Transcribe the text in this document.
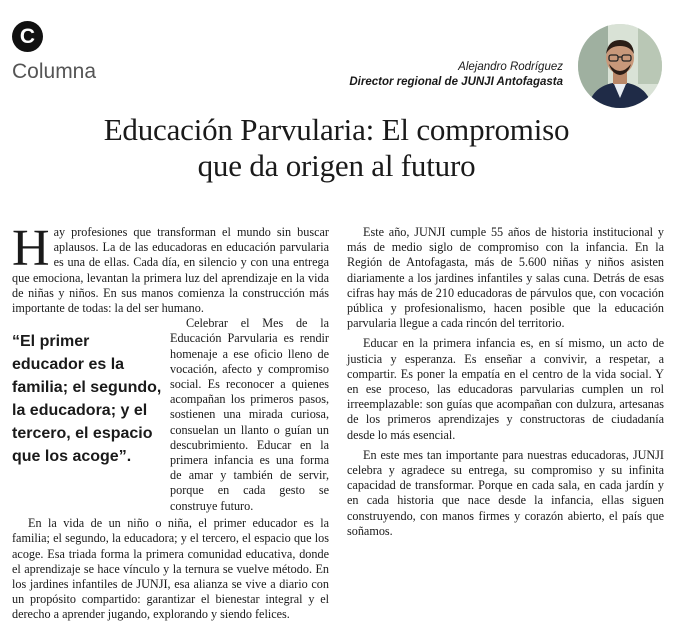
C
Columna	Alejandro Rodríguez
Director regional de JUNJI Antofagasta
Educación Parvularia: El compromiso
que da origen al futuro

Hay profesiones que transforman el mundo sin buscar aplausos. La de las educadoras en educación parvularia es una de ellas. Cada día, en silencio y con una entrega que emociona, levantan la primera luz del aprendizaje en la vida de niñas y niños. En sus manos comienza la construcción más importante de todas: la del ser humano.

“El primer educador es la familia; el segundo, la educadora; y el tercero, el espacio que los acoge”.

Celebrar el Mes de la Educación Parvularia es rendir homenaje a ese oficio lleno de vocación, afecto y compromiso social. Es reconocer a quienes acompañan los primeros pasos, sostienen una mirada curiosa, consuelan un llanto o guían un descubrimiento. Educar en la primera infancia es una forma de amar y también de servir, porque en cada gesto se construye futuro.

En la vida de un niño o niña, el primer educador es la familia; el segundo, la educadora; y el tercero, el espacio que los acoge. Esa triada forma la primera comunidad educativa, donde el aprendizaje se hace vínculo y la ternura se vuelve método. En los jardines infantiles de JUNJI, esa alianza se vive a diario con un propósito compartido: garantizar el bienestar integral y el derecho a aprender jugando, explorando y siendo felices.

Este año, JUNJI cumple 55 años de historia institucional y más de medio siglo de compromiso con la infancia. En la Región de Antofagasta, más de 5.600 niñas y niños asisten diariamente a los jardines infantiles y salas cuna. Detrás de esas cifras hay más de 210 educadoras de párvulos que, con vocación pública y profesionalismo, hacen posible que la educación parvularia llegue a cada rincón del territorio.

Educar en la primera infancia es, en sí mismo, un acto de justicia y esperanza. Es enseñar a convivir, a respetar, a compartir. Es poner la empatía en el centro de la vida social. Y en ese proceso, las educadoras parvularias cumplen un rol irreemplazable: son guías que acompañan con dulzura, artesanas de los primeros aprendizajes y constructoras de ciudadanía desde lo más esencial.

En este mes tan importante para nuestras educadoras, JUNJI celebra y agradece su entrega, su compromiso y su infinita capacidad de transformar. Porque en cada sala, en cada jardín y en cada historia que nace desde la infancia, ellas siguen construyendo, con manos firmes y corazón abierto, el país que soñamos.
